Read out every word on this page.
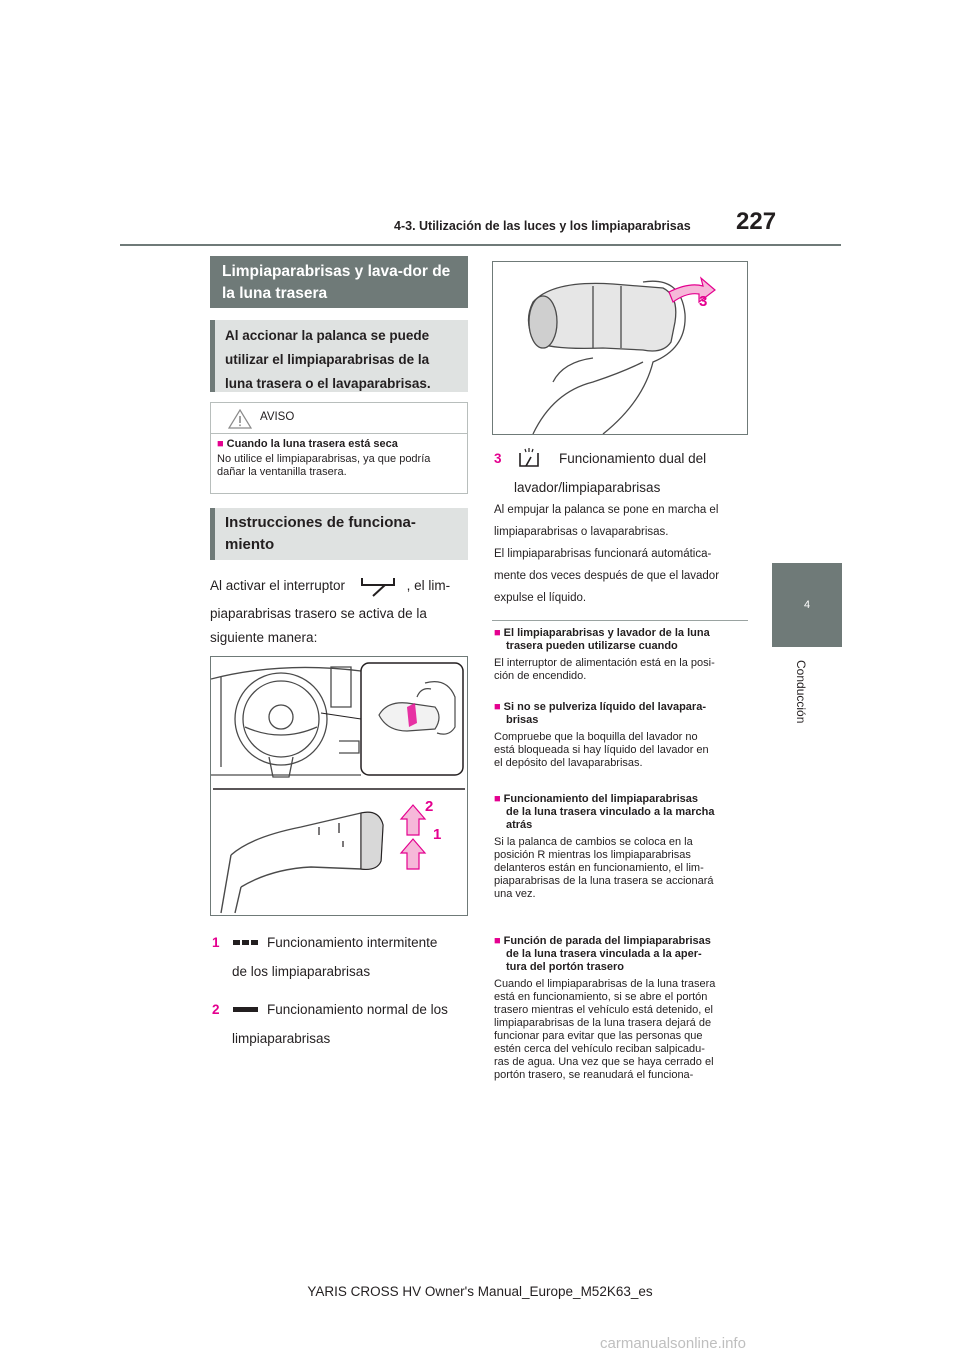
4-3. Utilización de las luces y los limpiaparabrisas 227
4
Conducción
Limpiaparabrisas y lava-dor de la luna trasera
Al accionar la palanca se puede utilizar el limpiaparabrisas de la luna trasera o el lavaparabrisas.
AVISO
■ Cuando la luna trasera está seca
No utilice el limpiaparabrisas, ya que podría dañar la ventanilla trasera.
Instrucciones de funciona-miento
Al activar el interruptor	, el lim-
piaparabrisas trasero se activa de la
siguiente manera:
2
1
1	Funcionamiento intermitente
de los limpiaparabrisas
2	Funcionamiento normal de los
limpiaparabrisas
3
3	Funcionamiento dual del
lavador/limpiaparabrisas
Al empujar la palanca se pone en marcha el
limpiaparabrisas o lavaparabrisas.
El limpiaparabrisas funcionará automática-
mente dos veces después de que el lavador
expulse el líquido.
■ El limpiaparabrisas y lavador de la luna
trasera pueden utilizarse cuando
El interruptor de alimentación está en la posi-
ción de encendido.
■ Si no se pulveriza líquido del lavapara-
brisas
Compruebe que la boquilla del lavador no
está bloqueada si hay líquido del lavador en
el depósito del lavaparabrisas.
■ Funcionamiento del limpiaparabrisas
de la luna trasera vinculado a la marcha
atrás
Si la palanca de cambios se coloca en la
posición R mientras los limpiaparabrisas
delanteros están en funcionamiento, el lim-
piaparabrisas de la luna trasera se accionará
una vez.
■ Función de parada del limpiaparabrisas
de la luna trasera vinculada a la aper-
tura del portón trasero
Cuando el limpiaparabrisas de la luna trasera
está en funcionamiento, si se abre el portón
trasero mientras el vehículo está detenido, el
limpiaparabrisas de la luna trasera dejará de
funcionar para evitar que las personas que
estén cerca del vehículo reciban salpicadu-
ras de agua. Una vez que se haya cerrado el
portón trasero, se reanudará el funciona-
YARIS CROSS HV Owner's Manual_Europe_M52K63_es
carmanualsonline.info
